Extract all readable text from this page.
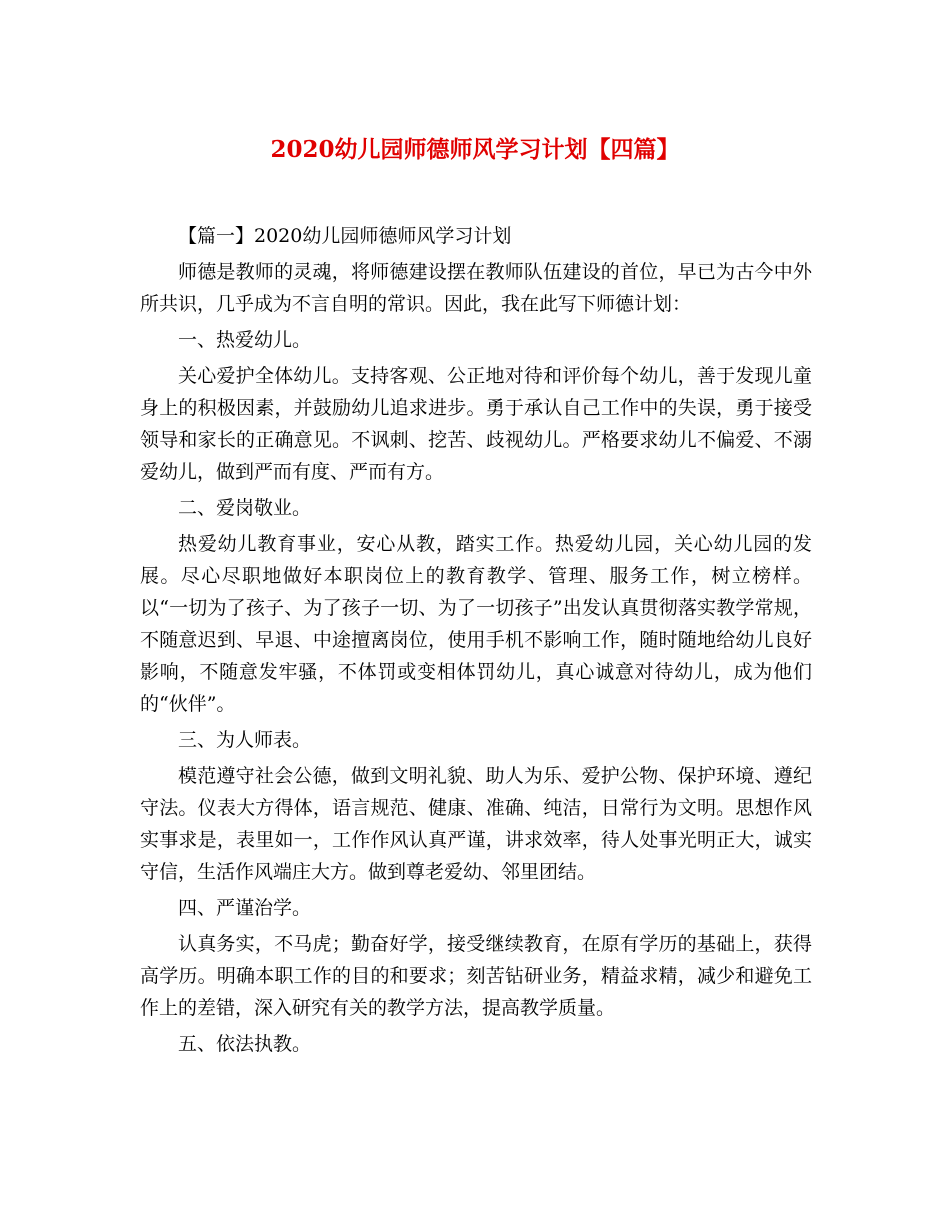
2020幼儿园师德师风学习计划【四篇】

【篇一】2020幼儿园师德师风学习计划

师德是教师的灵魂，将师德建设摆在教师队伍建设的首位，早已为古今中外所共识，几乎成为不言自明的常识。因此，我在此写下师德计划：

一、热爱幼儿。

关心爱护全体幼儿。支持客观、公正地对待和评价每个幼儿，善于发现儿童身上的积极因素，并鼓励幼儿追求进步。勇于承认自己工作中的失误，勇于接受领导和家长的正确意见。不讽刺、挖苦、歧视幼儿。严格要求幼儿不偏爱、不溺爱幼儿，做到严而有度、严而有方。

二、爱岗敬业。

热爱幼儿教育事业，安心从教，踏实工作。热爱幼儿园，关心幼儿园的发展。尽心尽职地做好本职岗位上的教育教学、管理、服务工作，树立榜样。以“一切为了孩子、为了孩子一切、为了一切孩子”出发认真贯彻落实教学常规，不随意迟到、早退、中途擅离岗位，使用手机不影响工作，随时随地给幼儿良好影响，不随意发牢骚，不体罚或变相体罚幼儿，真心诚意对待幼儿，成为他们的“伙伴”。

三、为人师表。

模范遵守社会公德，做到文明礼貌、助人为乐、爱护公物、保护环境、遵纪守法。仪表大方得体，语言规范、健康、准确、纯洁，日常行为文明。思想作风实事求是，表里如一，工作作风认真严谨，讲求效率，待人处事光明正大，诚实守信，生活作风端庄大方。做到尊老爱幼、邻里团结。

四、严谨治学。

认真务实，不马虎；勤奋好学，接受继续教育，在原有学历的基础上，获得高学历。明确本职工作的目的和要求；刻苦钻研业务，精益求精，减少和避免工作上的差错，深入研究有关的教学方法，提高教学质量。

五、依法执教。
